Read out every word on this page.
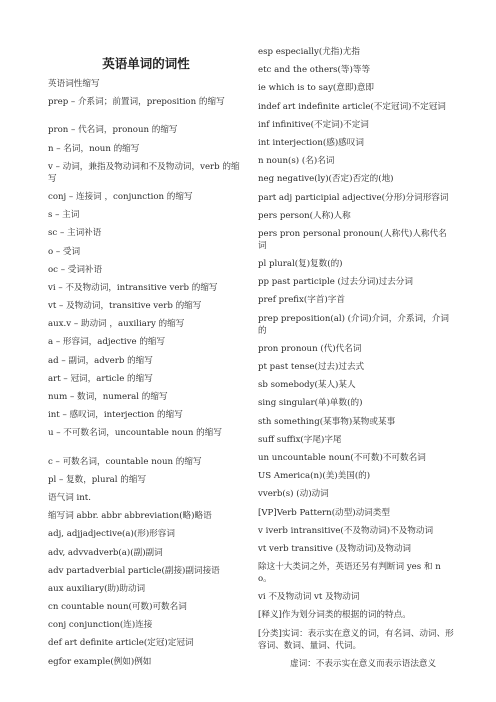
英语单词的词性
英语词性缩写
prep – 介系词；前置词，preposition 的缩写
pron – 代名词，pronoun 的缩写
n – 名词，noun 的缩写
v – 动词，兼指及物动词和不及物动词，verb 的缩写
conj – 连接词 ，conjunction 的缩写
s – 主词
sc – 主词补语
o – 受词
oc – 受词补语
vi – 不及物动词，intransitive verb 的缩写
vt – 及物动词，transitive verb 的缩写
aux.v – 助动词 ，auxiliary 的缩写
a – 形容词，adjective 的缩写
ad – 副词，adverb 的缩写
art – 冠词，article 的缩写
num – 数词，numeral 的缩写
int – 感叹词，interjection 的缩写
u – 不可数名词，uncountable noun 的缩写
c – 可数名词，countable noun 的缩写
pl – 复数，plural 的缩写
语气词 int.
缩写词 abbr. abbr abbreviation(略)略语
adj, adjjadjective(a)(形)形容词
adv, advvadverb(a)(副)副词
adv partadverbial particle(副接)副词接语
aux auxiliary(助)助动词
cn countable noun(可数)可数名词
conj conjunction(连)连接
def art definite article(定冠)定冠词
egfor example(例如)例如
esp especially(尤指)尤指
etc and the others(等)等等
ie which is to say(意即)意即
indef art indefinite article(不定冠词)不定冠词
inf infinitive(不定词)不定词
int interjection(感)感叹词
n noun(s) (名)名词
neg negative(ly)(否定)否定的(地)
part adj participial adjective(分形)分词形容词
pers person(人称)人称
pers pron personal pronoun(人称代)人称代名词
pl plural(复)复数(的)
pp past participle (过去分词)过去分词
pref prefix(字首)字首
prep preposition(al) (介词)介词，介系词，介词的
pron pronoun (代)代名词
pt past tense(过去)过去式
sb somebody(某人)某人
sing singular(单)单数(的)
sth something(某事物)某物或某事
suff suffix(字尾)字尾
un uncountable noun(不可数)不可数名词
US America(n)(美)美国(的)
vverb(s) (动)动词
[VP]Verb Pattern(动型)动词类型
v iverb intransitive(不及物动词)不及物动词
vt verb transitive (及物动词)及物动词
除这十大类词之外，英语还另有判断词 yes 和 no。
vi 不及物动词 vt 及物动词
[释义]作为划分词类的根据的词的特点。
[分类]实词：表示实在意义的词，有名词、动词、形容词、数词、量词、代词。
虚词：不表示实在意义而表示语法意义
